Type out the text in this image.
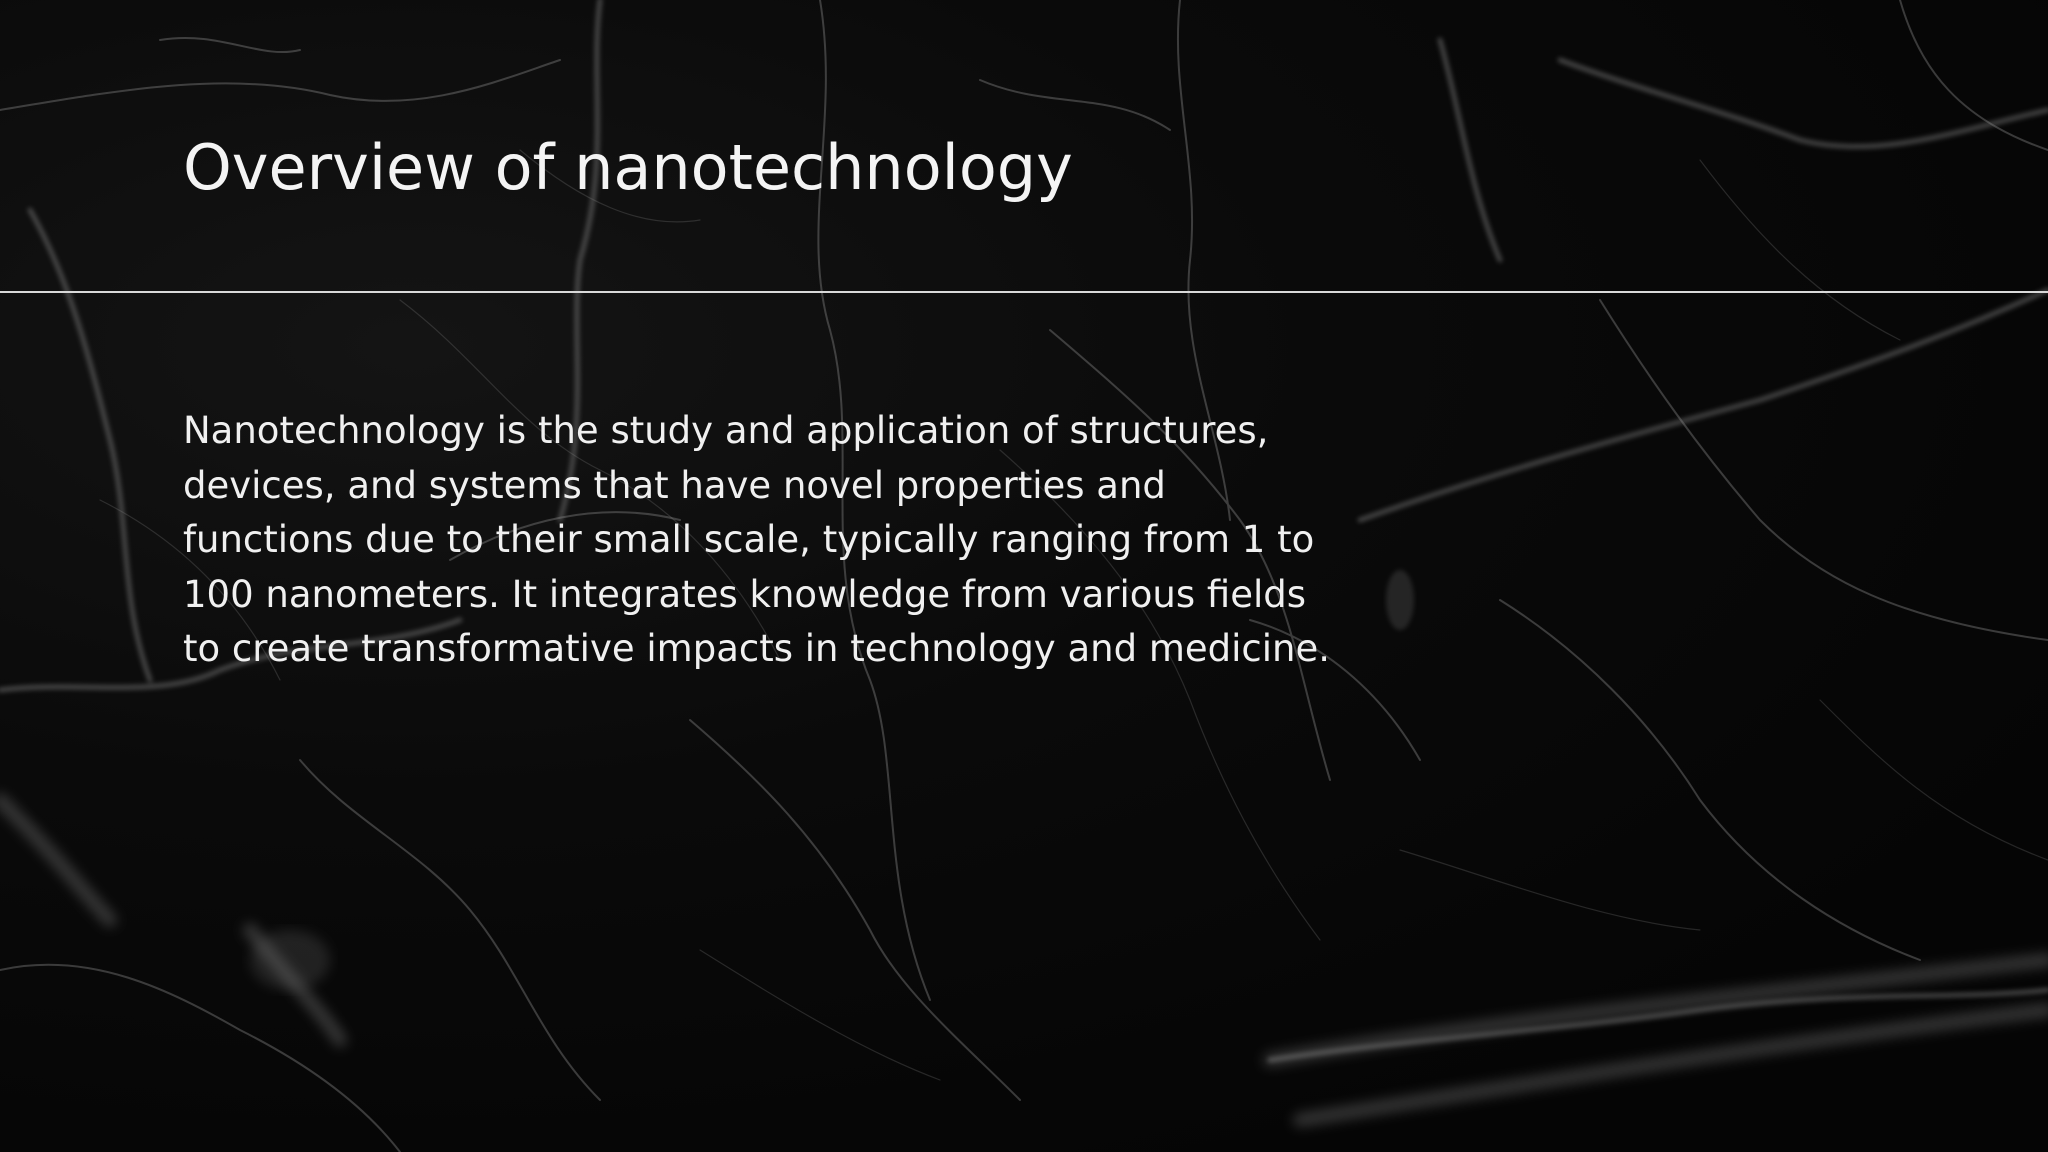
Overview of nanotechnology

Nanotechnology is the study and application of structures, devices, and systems that have novel properties and functions due to their small scale, typically ranging from 1 to 100 nanometers. It integrates knowledge from various fields to create transformative impacts in technology and medicine.
